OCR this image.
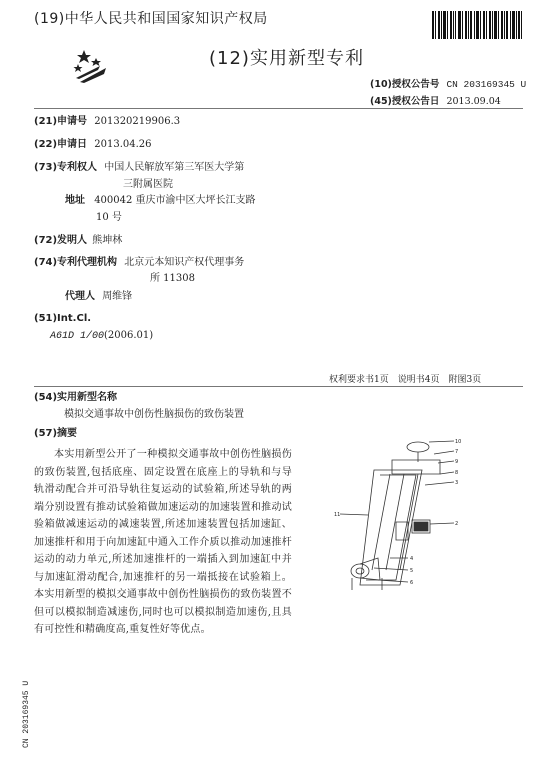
(19)中华人民共和国国家知识产权局
(12)实用新型专利
(10)授权公告号 CN 203169345 U
(45)授权公告日 2013.09.04
(21)申请号 201320219906.3
(22)申请日 2013.04.26
(73)专利权人 中国人民解放军第三军医大学第
三附属医院
地址 400042 重庆市渝中区大坪长江支路
10 号
(72)发明人 熊坤林
(74)专利代理机构 北京元本知识产权代理事务
所 11308
代理人 周维锋
(51)Int.Cl.
A61D 1/00(2006.01)
权利要求书1页　说明书4页　附图3页
(54)实用新型名称
模拟交通事故中创伤性脑损伤的致伤装置
(57)摘要
本实用新型公开了一种模拟交通事故中创伤性脑损伤的致伤装置,包括底座、固定设置在底座上的导轨和与导轨滑动配合并可沿导轨往复运动的试验箱,所述导轨的两端分别设置有推动试验箱做加速运动的加速装置和推动试验箱做减速运动的减速装置,所述加速装置包括加速缸、加速推杆和用于向加速缸中通入工作介质以推动加速推杆运动的动力单元,所述加速推杆的一端插入到加速缸中并与加速缸滑动配合,加速推杆的另一端抵接在试验箱上。本实用新型的模拟交通事故中创伤性脑损伤的致伤装置不但可以模拟制造减速伤,同时也可以模拟制造加速伤,且具有可控性和精确度高,重复性好等优点。
10
7
9
8
3
11
2
4
5
6
CN 203169345 U
